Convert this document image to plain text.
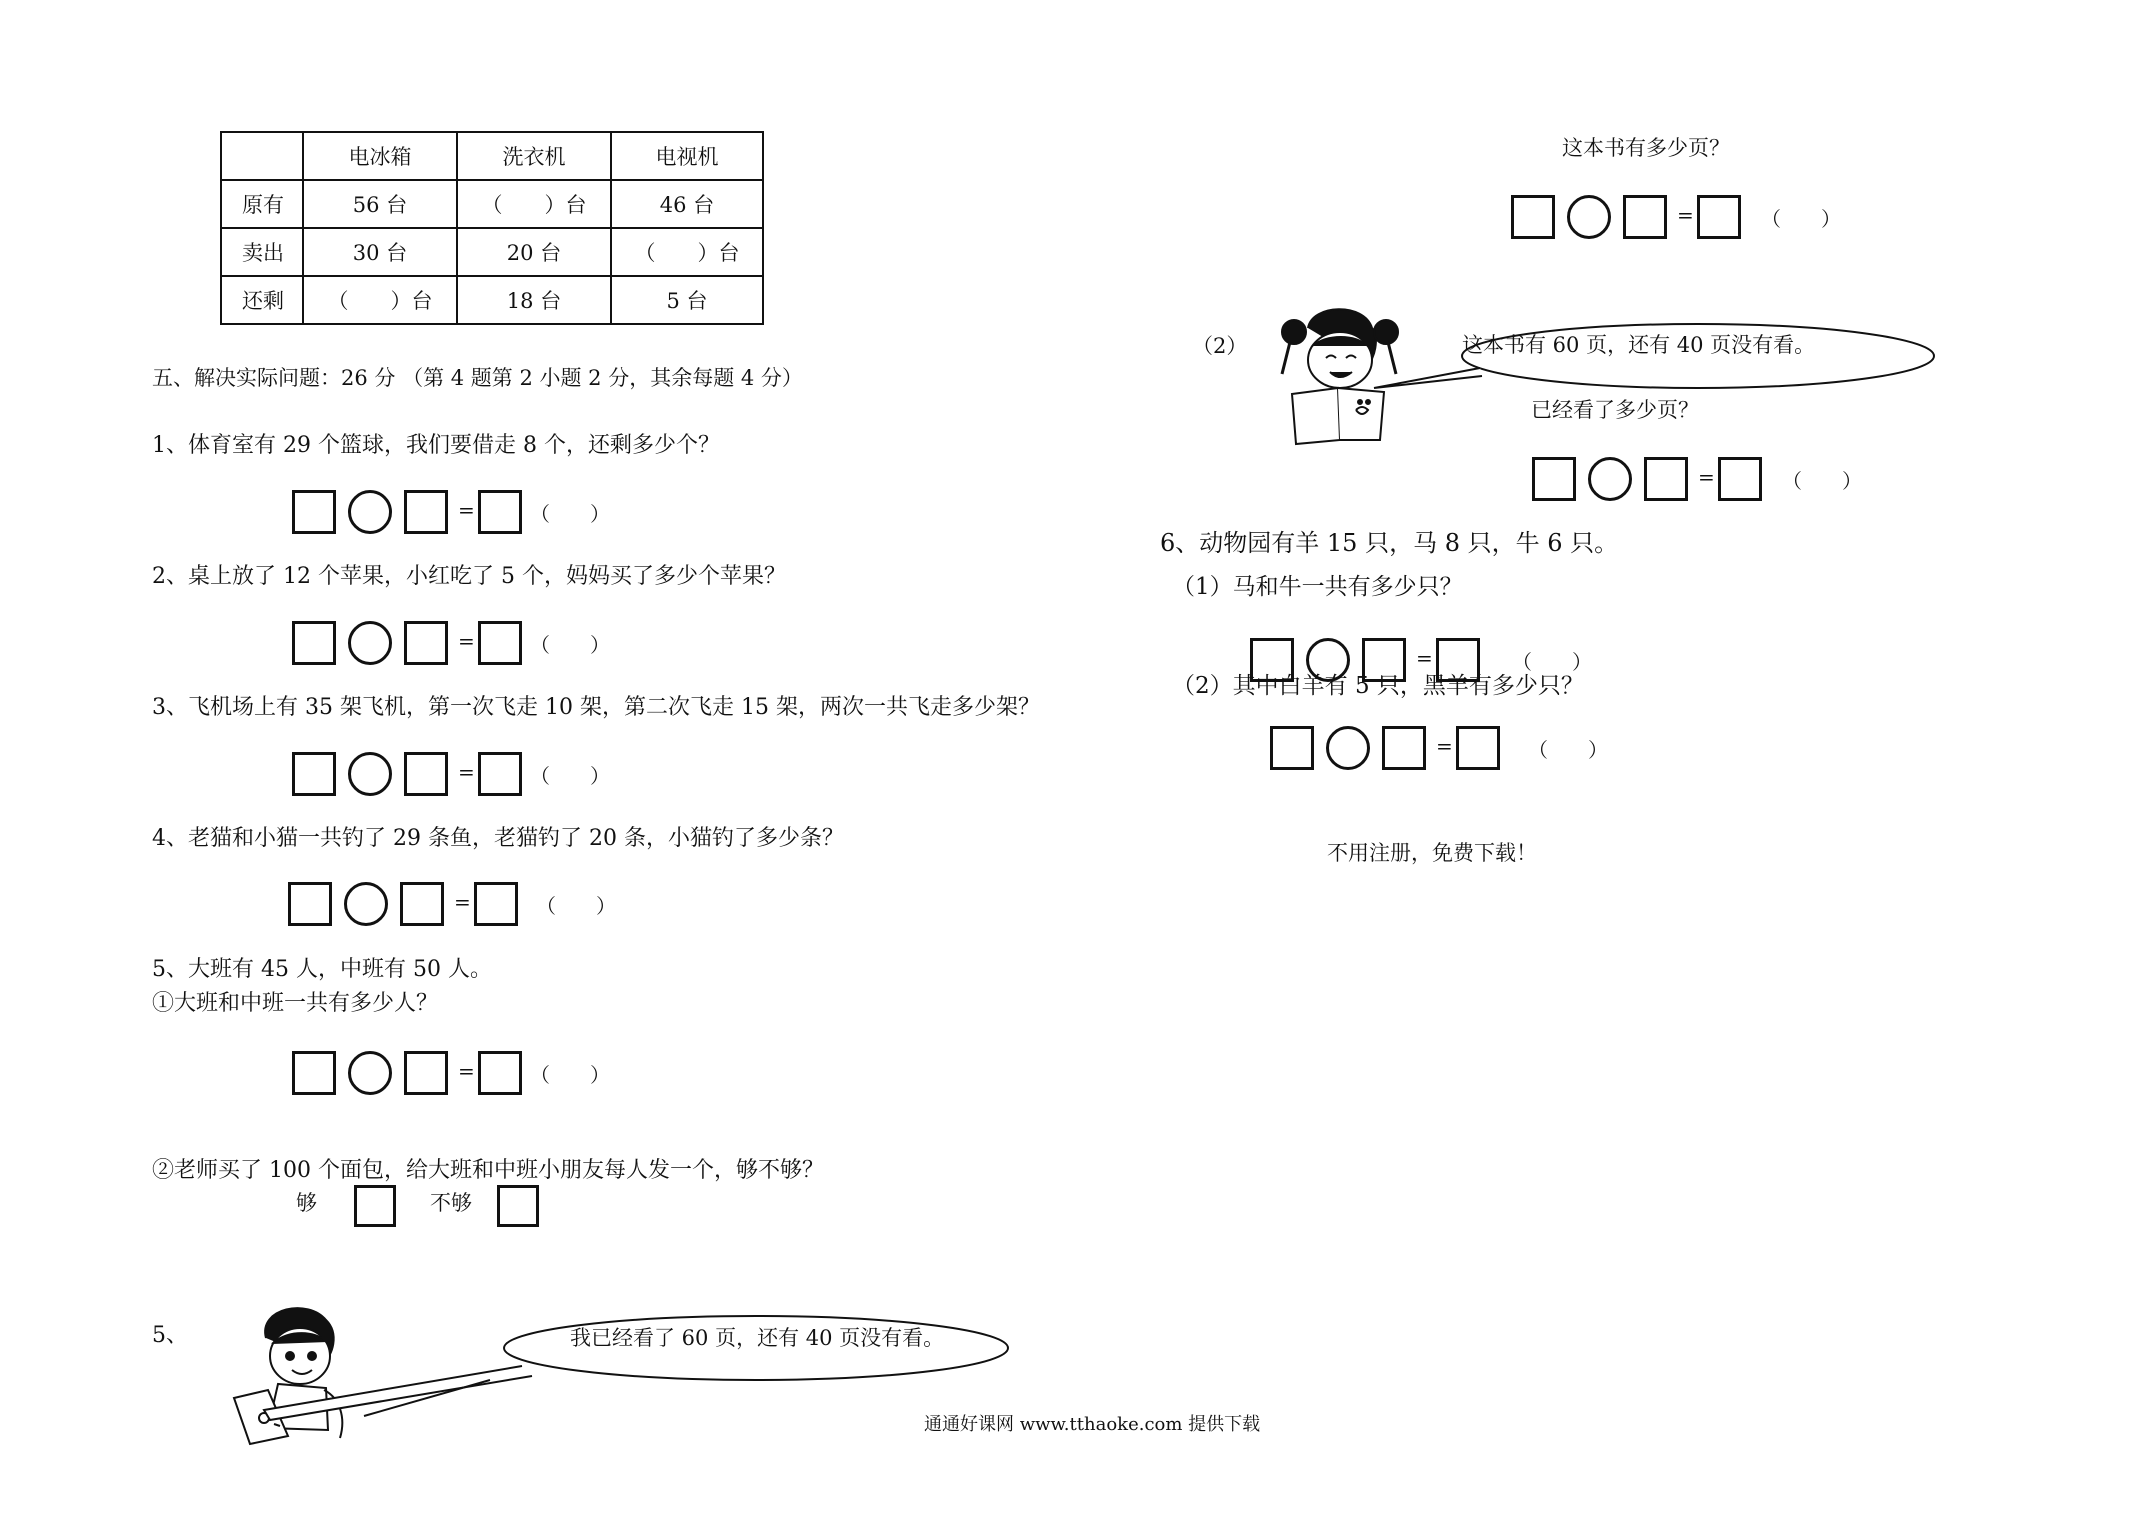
	电冰箱	洗衣机	电视机
原有	56 台	（　　）台	46 台
卖出	30 台	20 台	（　　）台
还剩	（　　）台	18 台	5 台
五、解决实际问题：26 分 （第 4 题第 2 小题 2 分，其余每题 4 分）
1、体育室有 29 个篮球，我们要借走 8 个，还剩多少个？
=	（　　）
2、桌上放了 12 个苹果，小红吃了 5 个，妈妈买了多少个苹果？
=	（　　）
3、飞机场上有 35 架飞机，第一次飞走 10 架，第二次飞走 15 架，两次一共飞走多少架？
=	（　　）
4、老猫和小猫一共钓了 29 条鱼，老猫钓了 20 条，小猫钓了多少条？
=	（　　）
5、大班有 45 人，中班有 50 人。
①大班和中班一共有多少人？
=	（　　）
②老师买了 100 个面包，给大班和中班小朋友每人发一个，够不够？
够	不够
5、	我已经看了 60 页，还有 40 页没有看。
这本书有多少页？
=	（　　）
（2）	这本书有 60 页，还有 40 页没有看。
已经看了多少页？
=	（　　）
6、动物园有羊 15 只，马 8 只，牛 6 只。
（1）马和牛一共有多少只？
=	（　　）
（2）其中白羊有 5 只，黑羊有多少只？
=	（　　）
不用注册，免费下载！
通通好课网 www.tthaoke.com 提供下载
